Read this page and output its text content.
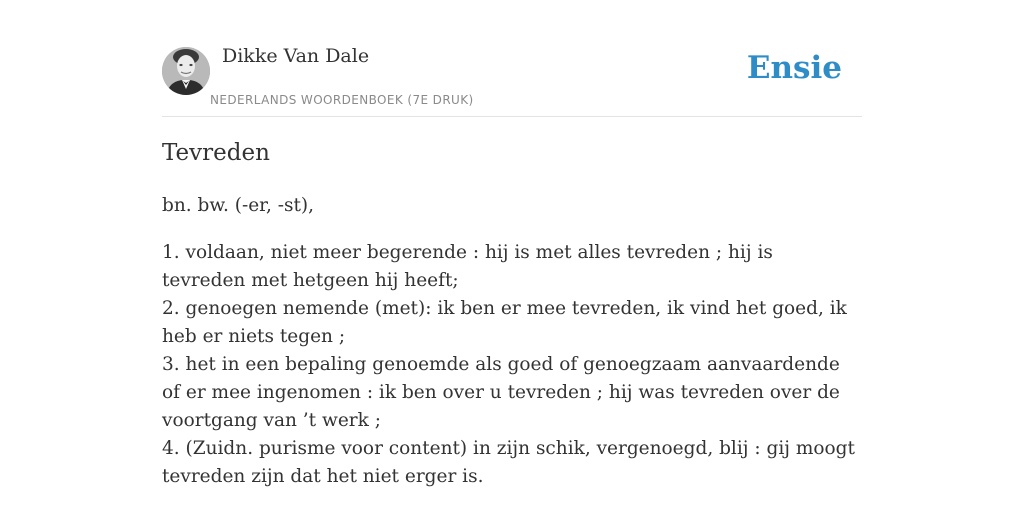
Dikke Van Dale
NEDERLANDS WOORDENBOEK (7E DRUK)
Ensie
Tevreden
bn. bw. (-er, -st),

1. voldaan, niet meer begerende : hij is met alles tevreden ; hij is tevreden met hetgeen hij heeft;

2. genoegen nemende (met): ik ben er mee tevreden, ik vind het goed, ik heb er niets tegen ;

3. het in een bepaling genoemde als goed of genoegzaam aanvaardende of er mee ingenomen : ik ben over u tevreden ; hij was tevreden over de voortgang van ’t werk ;

4. (Zuidn. purisme voor content) in zijn schik, vergenoegd, blij : gij moogt tevreden zijn dat het niet erger is.
